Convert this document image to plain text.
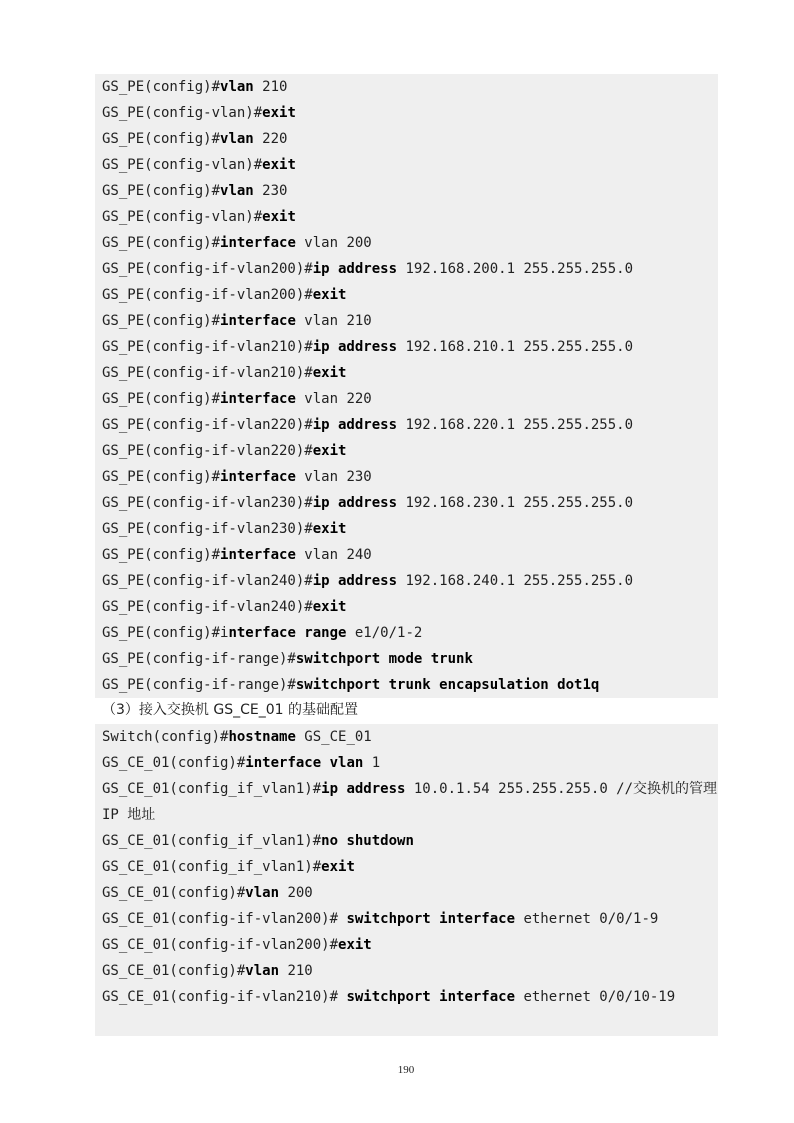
GS_PE(config)#vlan 210
GS_PE(config-vlan)#exit
GS_PE(config)#vlan 220
GS_PE(config-vlan)#exit
GS_PE(config)#vlan 230
GS_PE(config-vlan)#exit
GS_PE(config)#interface vlan 200
GS_PE(config-if-vlan200)#ip address 192.168.200.1 255.255.255.0
GS_PE(config-if-vlan200)#exit
GS_PE(config)#interface vlan 210
GS_PE(config-if-vlan210)#ip address 192.168.210.1 255.255.255.0
GS_PE(config-if-vlan210)#exit
GS_PE(config)#interface vlan 220
GS_PE(config-if-vlan220)#ip address 192.168.220.1 255.255.255.0
GS_PE(config-if-vlan220)#exit
GS_PE(config)#interface vlan 230
GS_PE(config-if-vlan230)#ip address 192.168.230.1 255.255.255.0
GS_PE(config-if-vlan230)#exit
GS_PE(config)#interface vlan 240
GS_PE(config-if-vlan240)#ip address 192.168.240.1 255.255.255.0
GS_PE(config-if-vlan240)#exit
GS_PE(config)#interface range e1/0/1-2
GS_PE(config-if-range)#switchport mode trunk
GS_PE(config-if-range)#switchport trunk encapsulation dot1q
（3）接入交换机 GS_CE_01 的基础配置
Switch(config)#hostname GS_CE_01
GS_CE_01(config)#interface vlan 1
GS_CE_01(config_if_vlan1)#ip address 10.0.1.54 255.255.255.0 //交换机的管理
IP 地址
GS_CE_01(config_if_vlan1)#no shutdown
GS_CE_01(config_if_vlan1)#exit
GS_CE_01(config)#vlan 200
GS_CE_01(config-if-vlan200)# switchport interface ethernet 0/0/1-9
GS_CE_01(config-if-vlan200)#exit
GS_CE_01(config)#vlan 210
GS_CE_01(config-if-vlan210)# switchport interface ethernet 0/0/10-19
190
